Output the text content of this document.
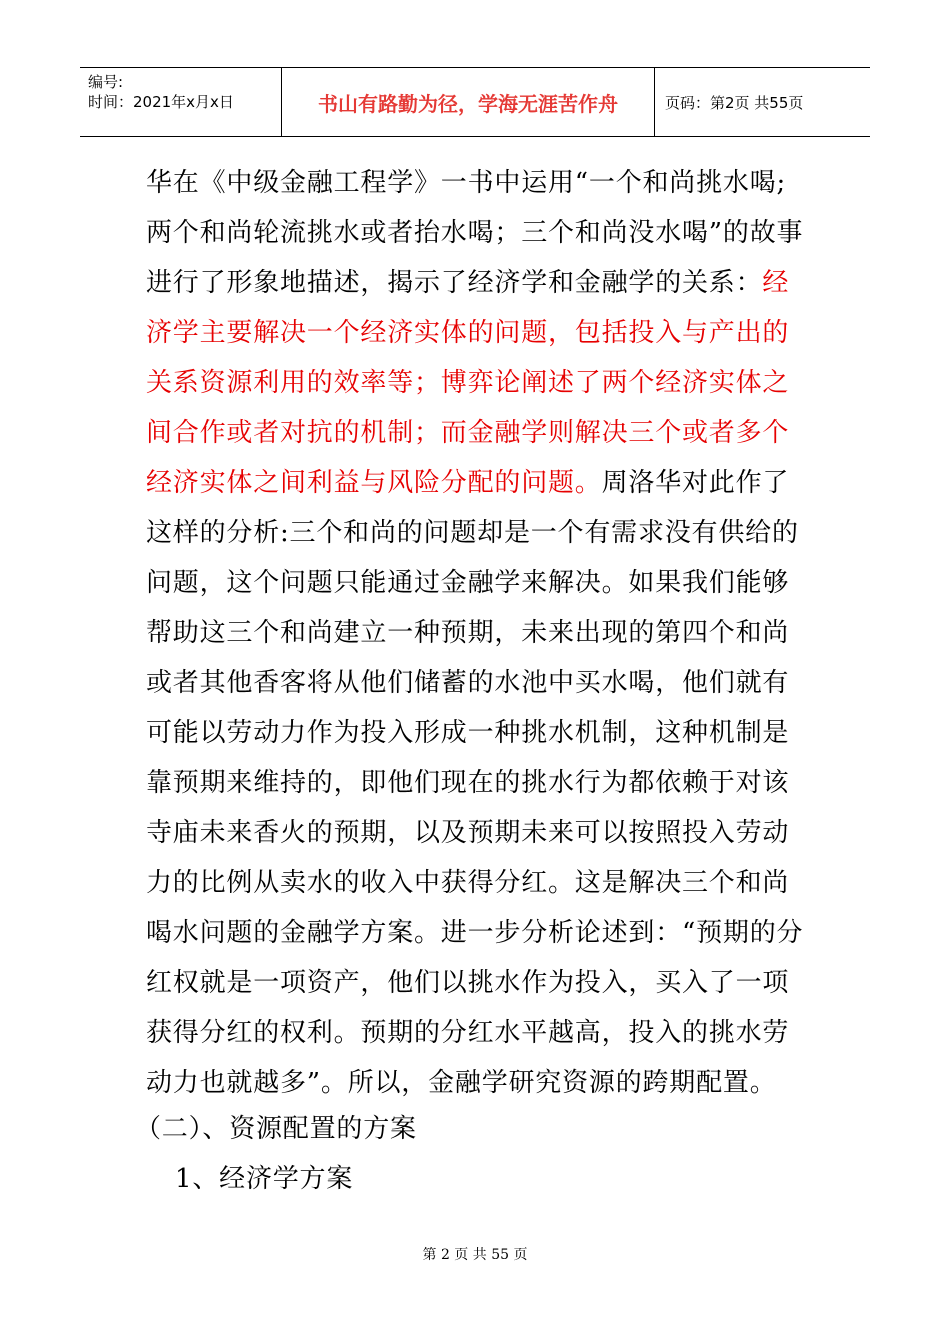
编号:
时间：2021年x月x日	书山有路勤为径，学海无涯苦作舟	页码：第2页 共55页
华在《中级金融工程学》一书中运用“一个和尚挑水喝;两个和尚轮流挑水或者抬水喝；三个和尚没水喝”的故事进行了形象地描述，揭示了经济学和金融学的关系：经济学主要解决一个经济实体的问题，包括投入与产出的关系资源利用的效率等；博弈论阐述了两个经济实体之间合作或者对抗的机制；而金融学则解决三个或者多个经济实体之间利益与风险分配的问题。周洛华对此作了这样的分析:三个和尚的问题却是一个有需求没有供给的问题，这个问题只能通过金融学来解决。如果我们能够帮助这三个和尚建立一种预期，未来出现的第四个和尚或者其他香客将从他们储蓄的水池中买水喝，他们就有可能以劳动力作为投入形成一种挑水机制，这种机制是靠预期来维持的，即他们现在的挑水行为都依赖于对该寺庙未来香火的预期，以及预期未来可以按照投入劳动力的比例从卖水的收入中获得分红。这是解决三个和尚喝水问题的金融学方案。进一步分析论述到：“预期的分红权就是一项资产，他们以挑水作为投入，买入了一项获得分红的权利。预期的分红水平越高，投入的挑水劳动力也就越多”。所以，金融学研究资源的跨期配置。
（二）、资源配置的方案
1、经济学方案
第 2 页 共 55 页
